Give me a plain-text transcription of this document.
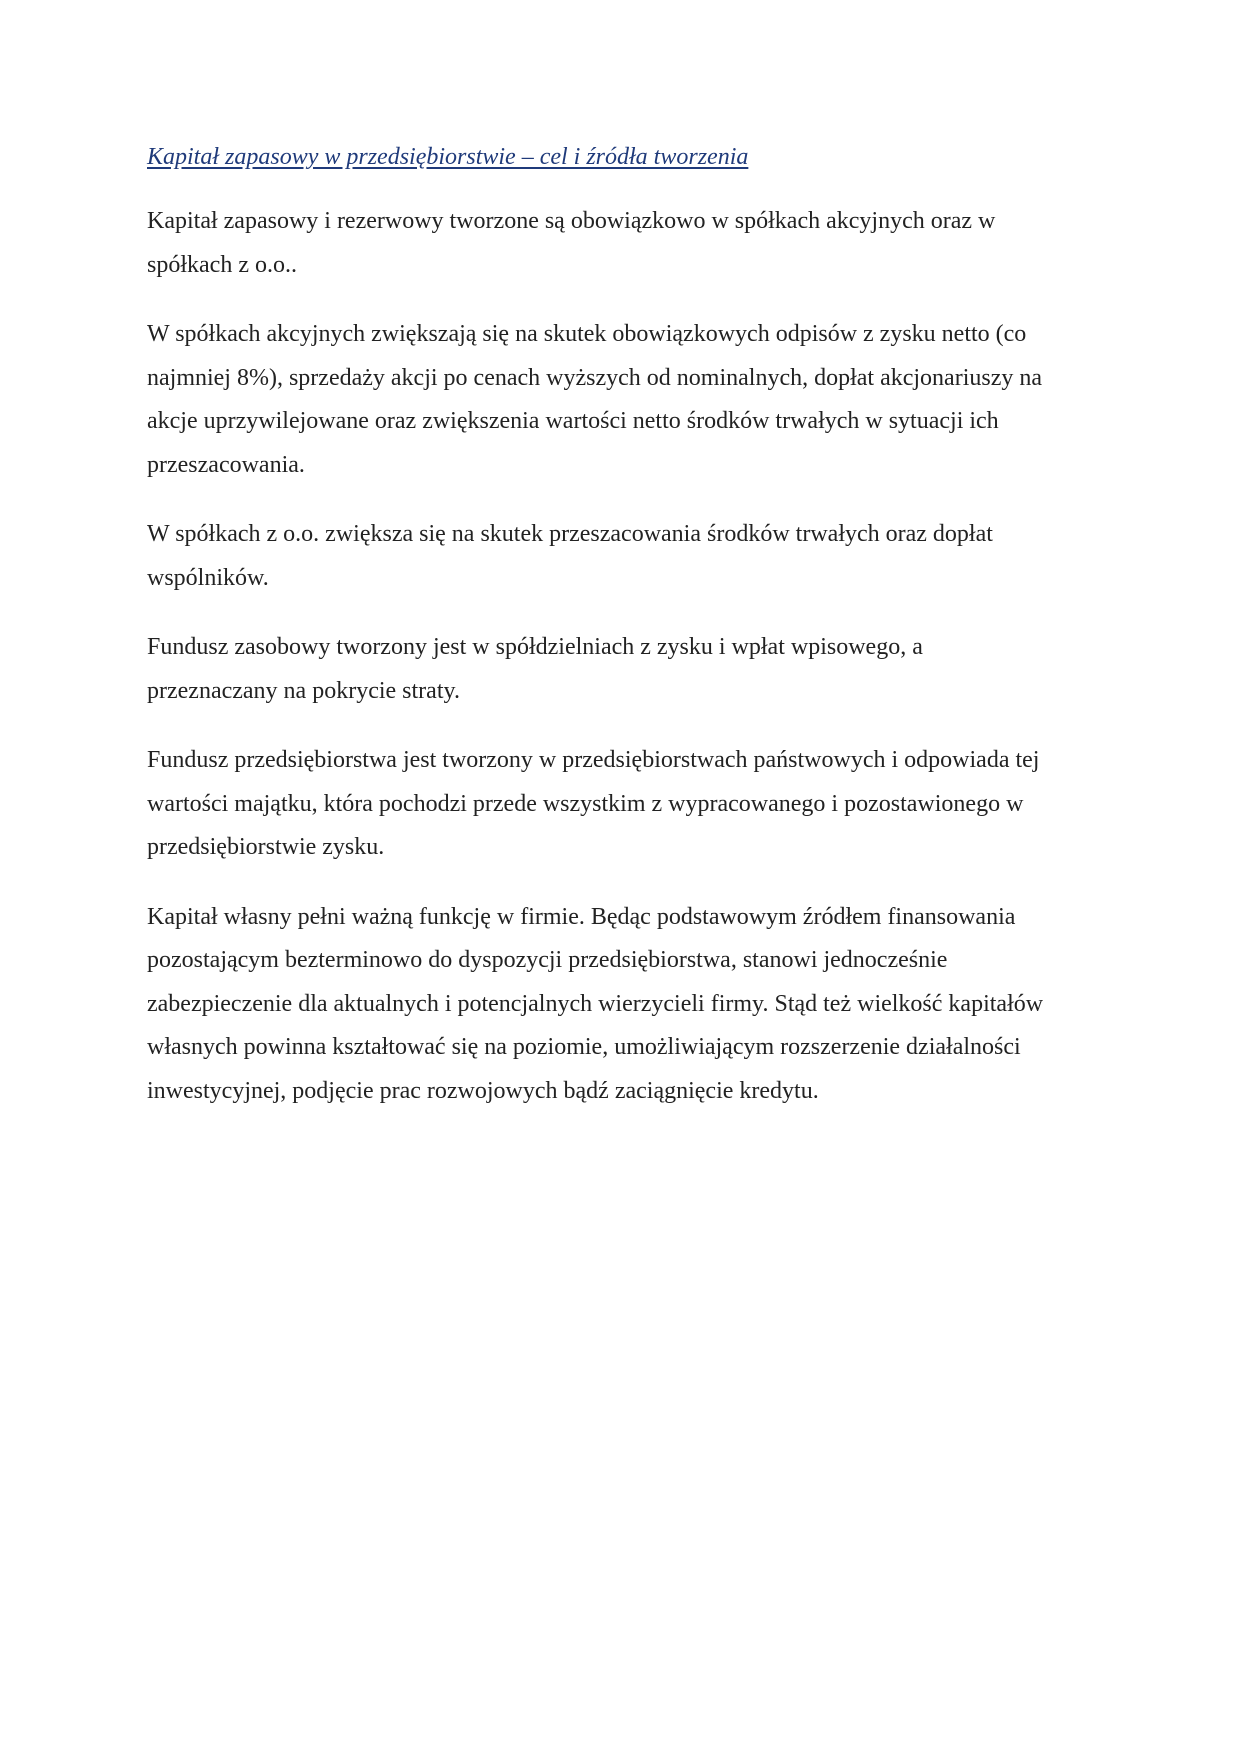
Kapitał zapasowy w przedsiębiorstwie – cel i źródła tworzenia
Kapitał zapasowy i rezerwowy tworzone są obowiązkowo w spółkach akcyjnych oraz w
spółkach z o.o..
W spółkach akcyjnych zwiększają się na skutek obowiązkowych odpisów z zysku netto (co
najmniej 8%), sprzedaży akcji po cenach wyższych od nominalnych, dopłat akcjonariuszy na
akcje uprzywilejowane oraz zwiększenia wartości netto środków trwałych w sytuacji ich
przeszacowania.
W spółkach z o.o. zwiększa się na skutek przeszacowania środków trwałych oraz dopłat
wspólników.
Fundusz zasobowy tworzony jest w spółdzielniach z zysku i wpłat wpisowego, a
przeznaczany na pokrycie straty.
Fundusz przedsiębiorstwa jest tworzony w przedsiębiorstwach państwowych i odpowiada tej
wartości majątku, która pochodzi przede wszystkim z wypracowanego i pozostawionego w
przedsiębiorstwie zysku.
Kapitał własny pełni ważną funkcję w firmie. Będąc podstawowym źródłem finansowania
pozostającym bezterminowo do dyspozycji przedsiębiorstwa, stanowi jednocześnie
zabezpieczenie dla aktualnych i potencjalnych wierzycieli firmy. Stąd też wielkość kapitałów
własnych powinna kształtować się na poziomie, umożliwiającym rozszerzenie działalności
inwestycyjnej, podjęcie prac rozwojowych bądź zaciągnięcie kredytu.
